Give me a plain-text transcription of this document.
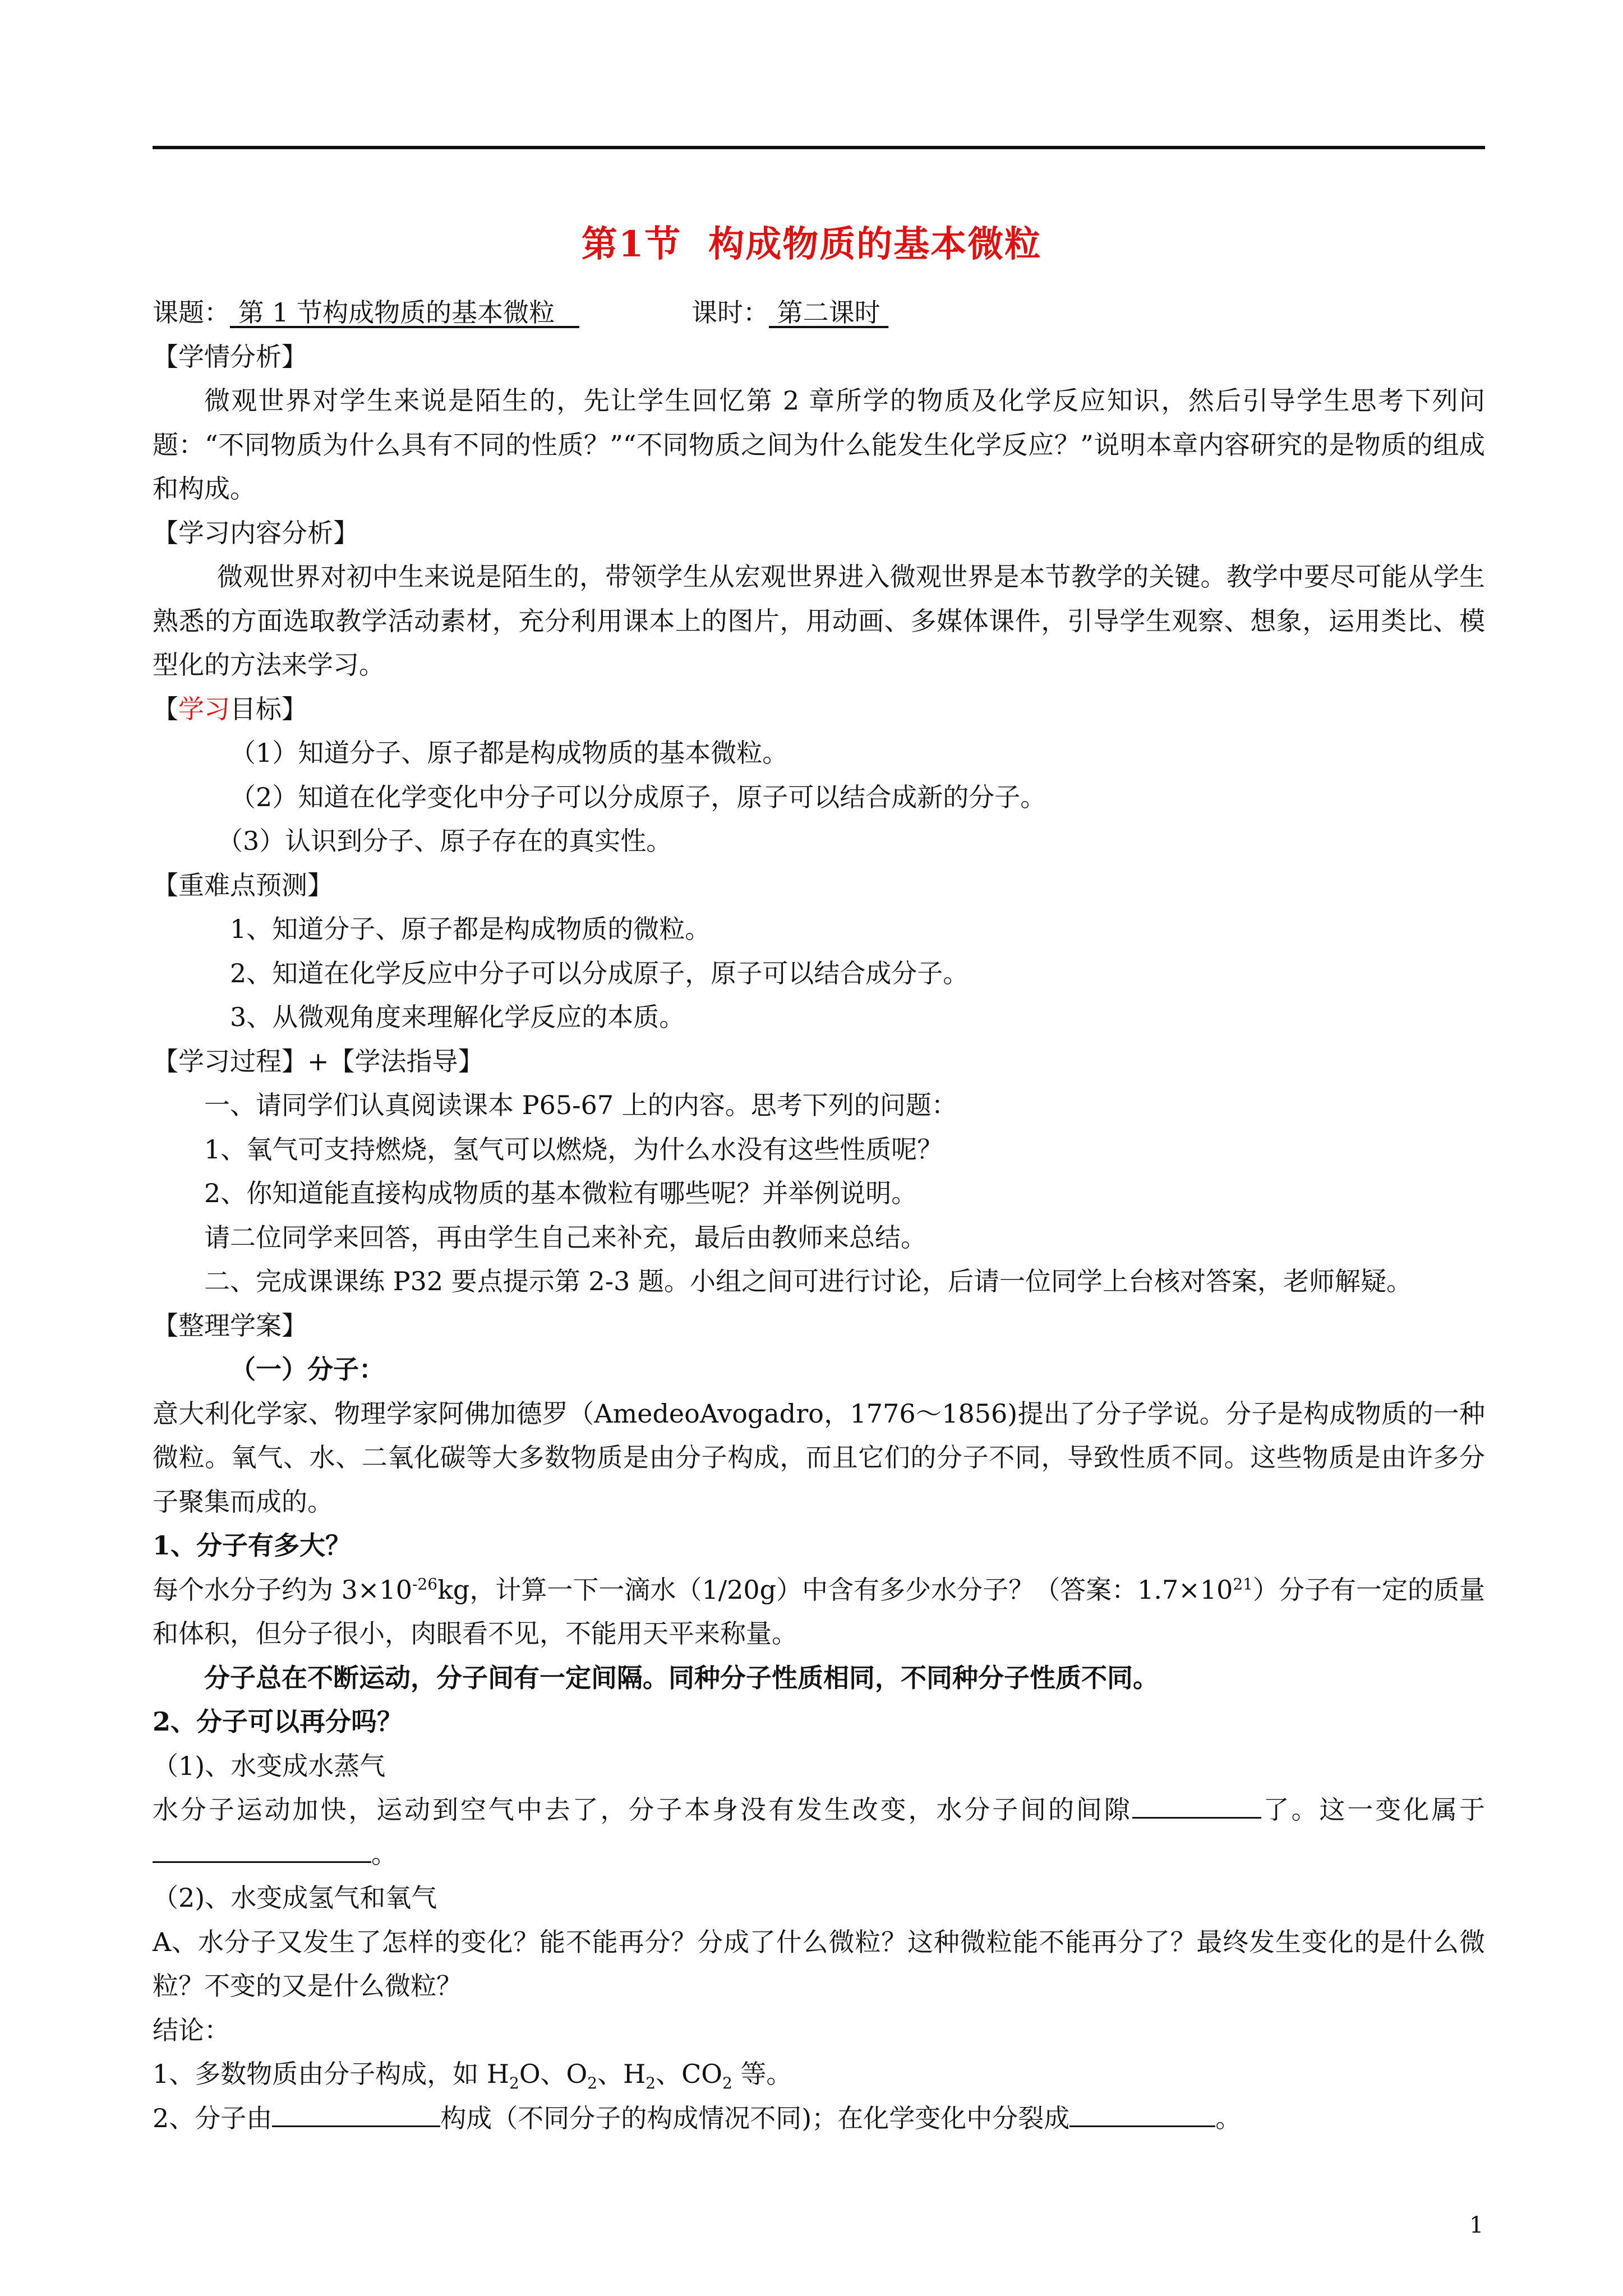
第1节 构成物质的基本微粒
课题： 第 1 节构成物质的基本微粒	课时： 第二课时
【学情分析】
微观世界对学生来说是陌生的，先让学生回忆第 2 章所学的物质及化学反应知识，然后引导学生思考下列问题：“不同物质为什么具有不同的性质？”“不同物质之间为什么能发生化学反应？”说明本章内容研究的是物质的组成和构成。
【学习内容分析】
微观世界对初中生来说是陌生的，带领学生从宏观世界进入微观世界是本节教学的关键。教学中要尽可能从学生熟悉的方面选取教学活动素材，充分利用课本上的图片，用动画、多媒体课件，引导学生观察、想象，运用类比、模型化的方法来学习。
【学习目标】
（1）知道分子、原子都是构成物质的基本微粒。
（2）知道在化学变化中分子可以分成原子，原子可以结合成新的分子。
（3）认识到分子、原子存在的真实性。
【重难点预测】
1、知道分子、原子都是构成物质的微粒。
2、知道在化学反应中分子可以分成原子，原子可以结合成分子。
3、从微观角度来理解化学反应的本质。
【学习过程】+【学法指导】
一、请同学们认真阅读课本 P65-67 上的内容。思考下列的问题：
1、氧气可支持燃烧，氢气可以燃烧，为什么水没有这些性质呢？
2、你知道能直接构成物质的基本微粒有哪些呢？并举例说明。
请二位同学来回答，再由学生自己来补充，最后由教师来总结。
二、完成课课练 P32 要点提示第 2-3 题。小组之间可进行讨论，后请一位同学上台核对答案，老师解疑。
【整理学案】
（一）分子：
意大利化学家、物理学家阿佛加德罗（AmedeoAvogadro，1776～1856)提出了分子学说。分子是构成物质的一种微粒。氧气、水、二氧化碳等大多数物质是由分子构成，而且它们的分子不同，导致性质不同。这些物质是由许多分子聚集而成的。
1、分子有多大？
每个水分子约为 $3\times 10^{-26}kg$，计算一下一滴水（1/20g）中含有多少水分子？（答案：$1.7\times 10^{21}$）分子有一定的质量和体积，但分子很小，肉眼看不见，不能用天平来称量。
分子总在不断运动，分子间有一定间隔。同种分子性质相同，不同种分子性质不同。
2、分子可以再分吗？
（1)、水变成水蒸气
水分子运动加快，运动到空气中去了，分子本身没有发生改变，水分子间的间隙	了。这一变化属于。
（2)、水变成氢气和氧气
A、水分子又发生了怎样的变化？能不能再分？分成了什么微粒？这种微粒能不能再分了？最终发生变化的是什么微粒？不变的又是什么微粒？
结论：
1、多数物质由分子构成，如 $H_2O$、$O_2$、$H_2$、$CO_2$ 等。
2、分子由	构成（不同分子的构成情况不同)；在化学变化中分裂成	。
1
